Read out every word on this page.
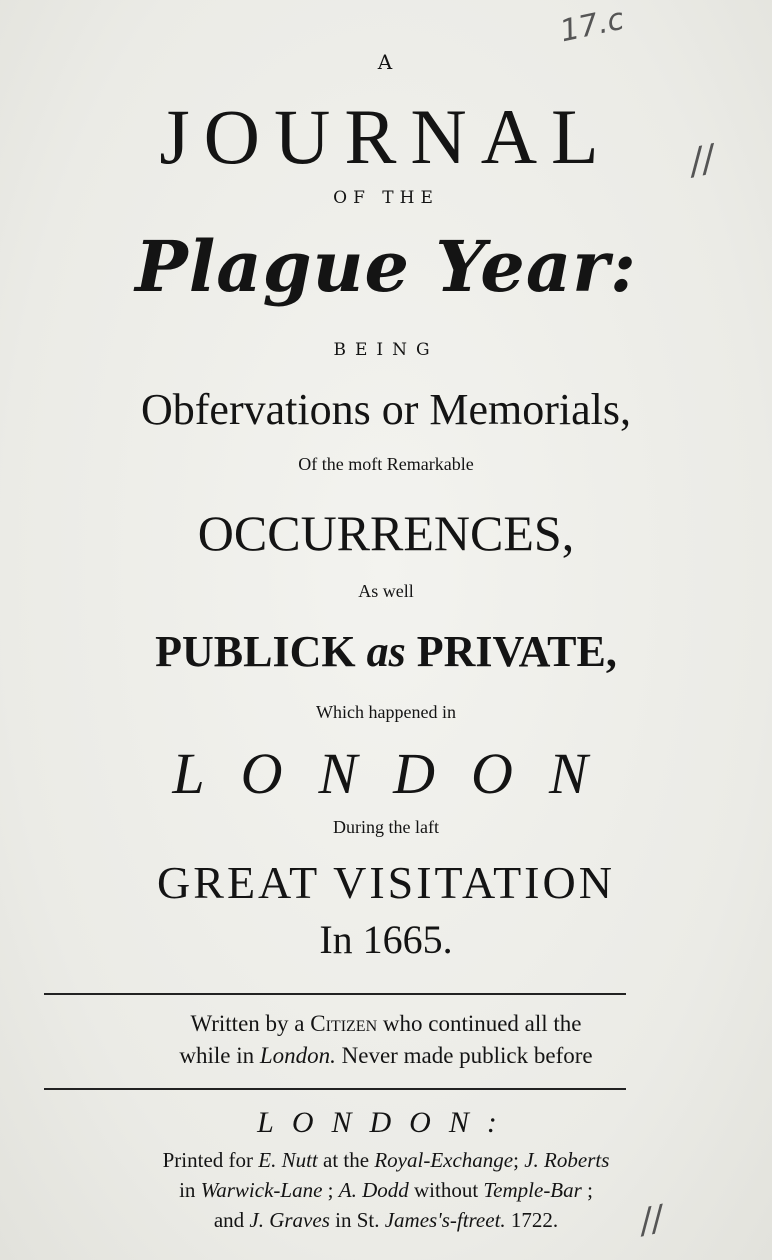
17.c
//
//

A

JOURNAL

OF THE

Plague Year:

BEING

Obfervations or Memorials,

Of the moft Remarkable

OCCURRENCES,

As well

PUBLICK as PRIVATE,

Which happened in

LONDON

During the laft

GREAT VISITATION

In 1665.

Written by a Citizen who continued all the

while in London. Never made publick before

LONDON:

Printed for E. Nutt at the Royal-Exchange; J. Roberts

in Warwick-Lane ; A. Dodd without Temple-Bar ;

and J. Graves in St. James's-ftreet. 1722.
